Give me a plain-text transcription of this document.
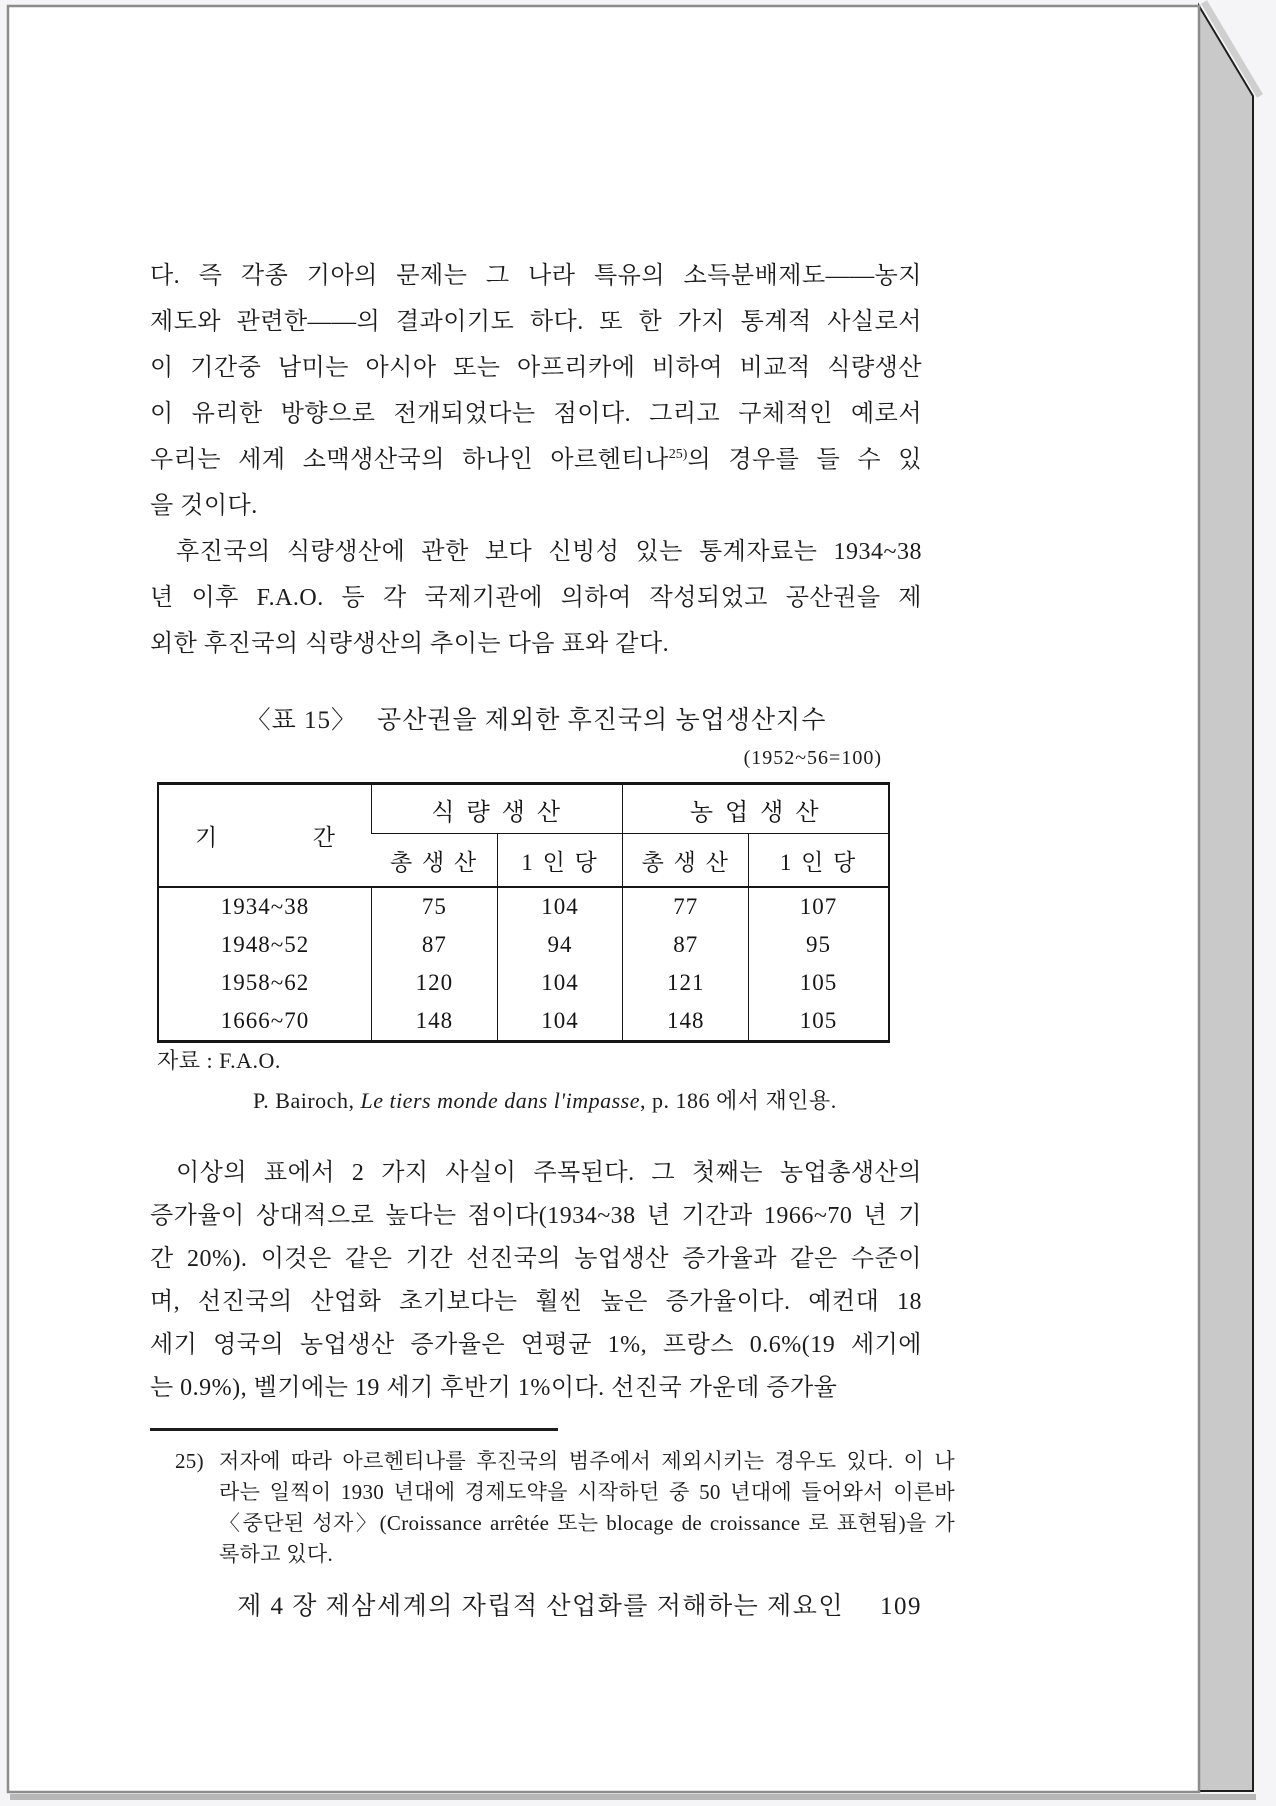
다. 즉 각종 기아의 문제는 그 나라 특유의 소득분배제도——농지
제도와 관련한——의 결과이기도 하다. 또 한 가지 통계적 사실로서
이 기간중 남미는 아시아 또는 아프리카에 비하여 비교적 식량생산
이 유리한 방향으로 전개되었다는 점이다. 그리고 구체적인 예로서
우리는 세계 소맥생산국의 하나인 아르헨티나$^{25)}$의 경우를 들 수 있
을 것이다.
후진국의 식량생산에 관한 보다 신빙성 있는 통계자료는 1934~38
년 이후 F.A.O. 등 각 국제기관에 의하여 작성되었고 공산권을 제
외한 후진국의 식량생산의 추이는 다음 표와 같다.
〈표 15〉 공산권을 제외한 후진국의 농업생산지수
(1952~56=100)
기 간	식 량 생 산		농 업 생 산	
	총 생 산	1 인 당	총 생 산	1 인 당
1934~38	75	104	77	107
1948~52	87	94	87	95
1958~62	120	104	121	105
1666~70	148	104	148	105
자료 : F.A.O.
P. Bairoch, Le tiers monde dans l'impasse, p. 186 에서 재인용.
이상의 표에서 2 가지 사실이 주목된다. 그 첫째는 농업총생산의
증가율이 상대적으로 높다는 점이다(1934~38 년 기간과 1966~70 년 기
간 20%). 이것은 같은 기간 선진국의 농업생산 증가율과 같은 수준이
며, 선진국의 산업화 초기보다는 훨씬 높은 증가율이다. 예컨대 18
세기 영국의 농업생산 증가율은 연평균 1%, 프랑스 0.6%(19 세기에
는 0.9%), 벨기에는 19 세기 후반기 1%이다. 선진국 가운데 증가율
25) 저자에 따라 아르헨티나를 후진국의 범주에서 제외시키는 경우도 있다. 이 나
라는 일찍이 1930 년대에 경제도약을 시작하던 중 50 년대에 들어와서 이른바
〈중단된 성자〉(Croissance arrêtée 또는 blocage de croissance 로 표현됨)을 가
록하고 있다.
제 4 장 제삼세계의 자립적 산업화를 저해하는 제요인 109
